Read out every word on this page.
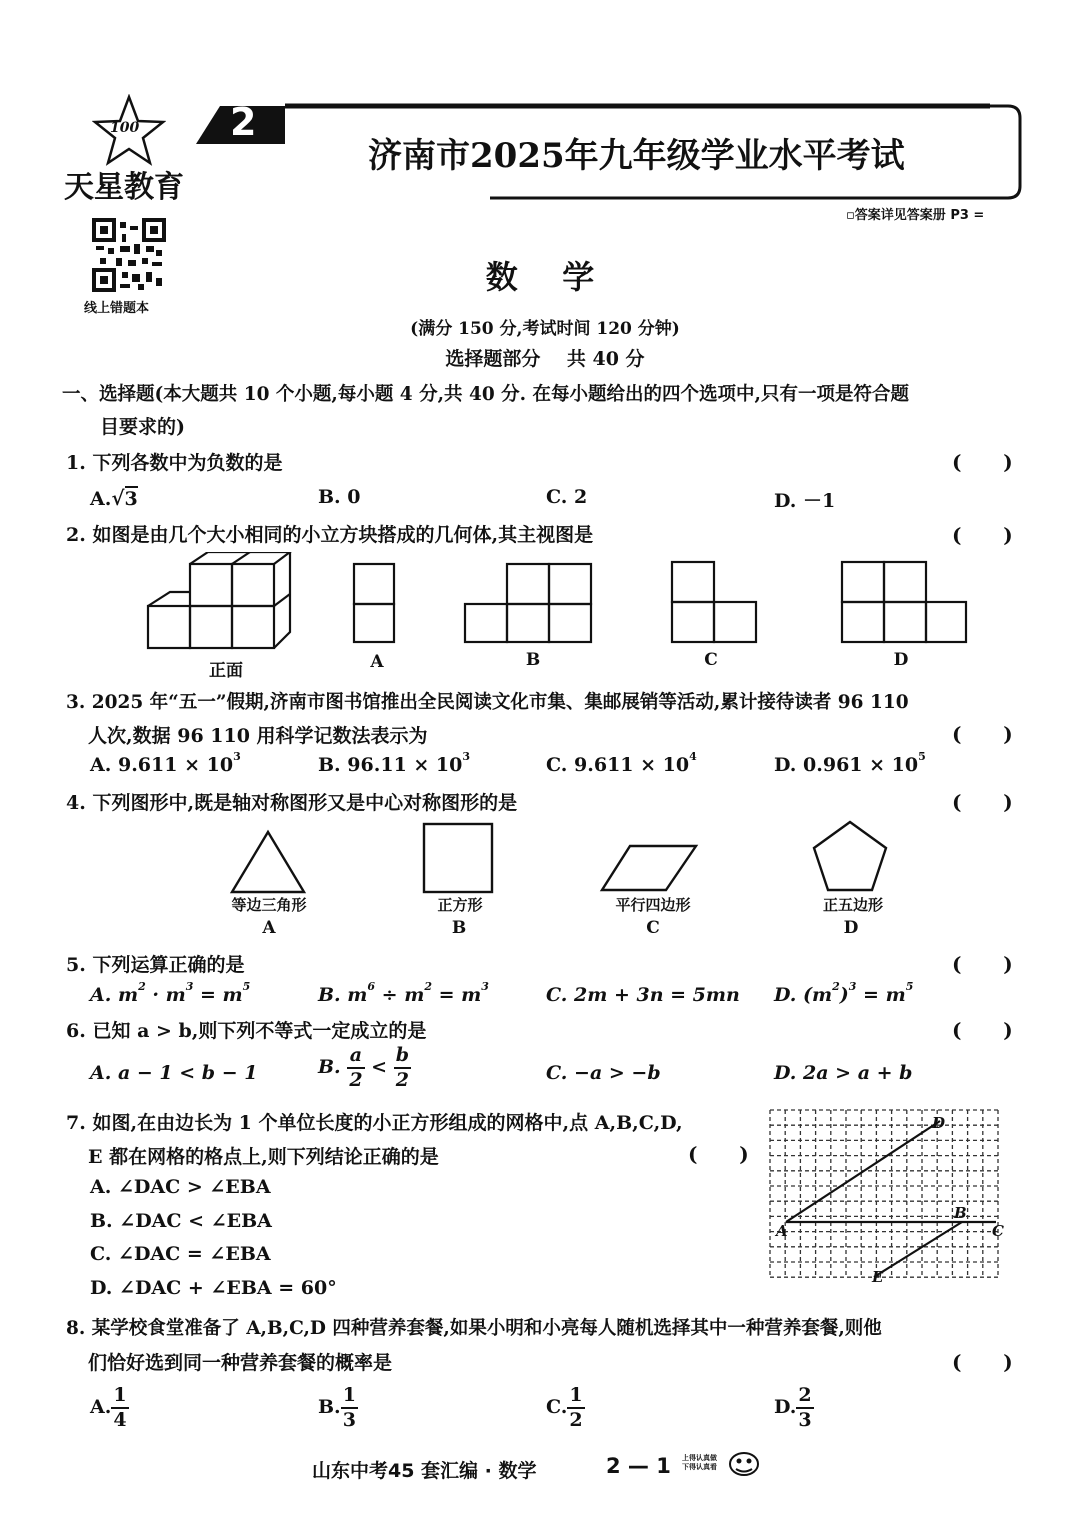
100
天星教育
2
济南市2025年九年级学业水平考试
▫答案详见答案册 P3 =
线上错题本
数    学
(满分 150 分,考试时间 120 分钟)
选择题部分    共 40 分
一、选择题(本大题共 10 个小题,每小题 4 分,共 40 分. 在每小题给出的四个选项中,只有一项是符合题
目要求的)
1. 下列各数中为负数的是	(      )
A.√3	B. 0	C. 2	D. －1
2. 如图是由几个大小相同的小立方块搭成的几何体,其主视图是	(      )
正面	A	B	C	D
3. 2025 年“五一”假期,济南市图书馆推出全民阅读文化市集、集邮展销等活动,累计接待读者 96 110
人次,数据 96 110 用科学记数法表示为	(      )
A. $9.611 \times 10^3$	B. $96.11 \times 10^3$	C. $9.611 \times 10^4$	D. $0.961 \times 10^5$
4. 下列图形中,既是轴对称图形又是中心对称图形的是	(      )
等边三角形
A
正方形
B
平行四边形
C
正五边形
D
5. 下列运算正确的是	(      )
A. $m^2 \cdot m^3 = m^5$	B. $m^6 \div m^2 = m^3$	C. 2m + 3n = 5mn D. $(m^2)^3 = m^5$
6. 已知 a > b,则下列不等式一定成立的是	(      )
A. a − 1 < b − 1	B. $\frac{a}{2} < \frac{b}{2}$	C. −a > −b	D. 2a > a + b
7. 如图,在由边长为 1 个单位长度的小正方形组成的网格中,点 A,B,C,D,
E 都在网格的格点上,则下列结论正确的是	(      )
A. ∠DAC > ∠EBA
B. ∠DAC < ∠EBA
C. ∠DAC = ∠EBA
D. ∠DAC + ∠EBA = 60°
A
B
C
D
E
8. 某学校食堂准备了 A,B,C,D 四种营养套餐,如果小明和小亮每人随机选择其中一种营养套餐,则他
们恰好选到同一种营养套餐的概率是	(      )
A. $\frac{1}{4}$	B. $\frac{1}{3}$	C. $\frac{1}{2}$	D. $\frac{2}{3}$
山东中考45 套汇编 · 数学	2 — 1 上得认真做
下得认真看
